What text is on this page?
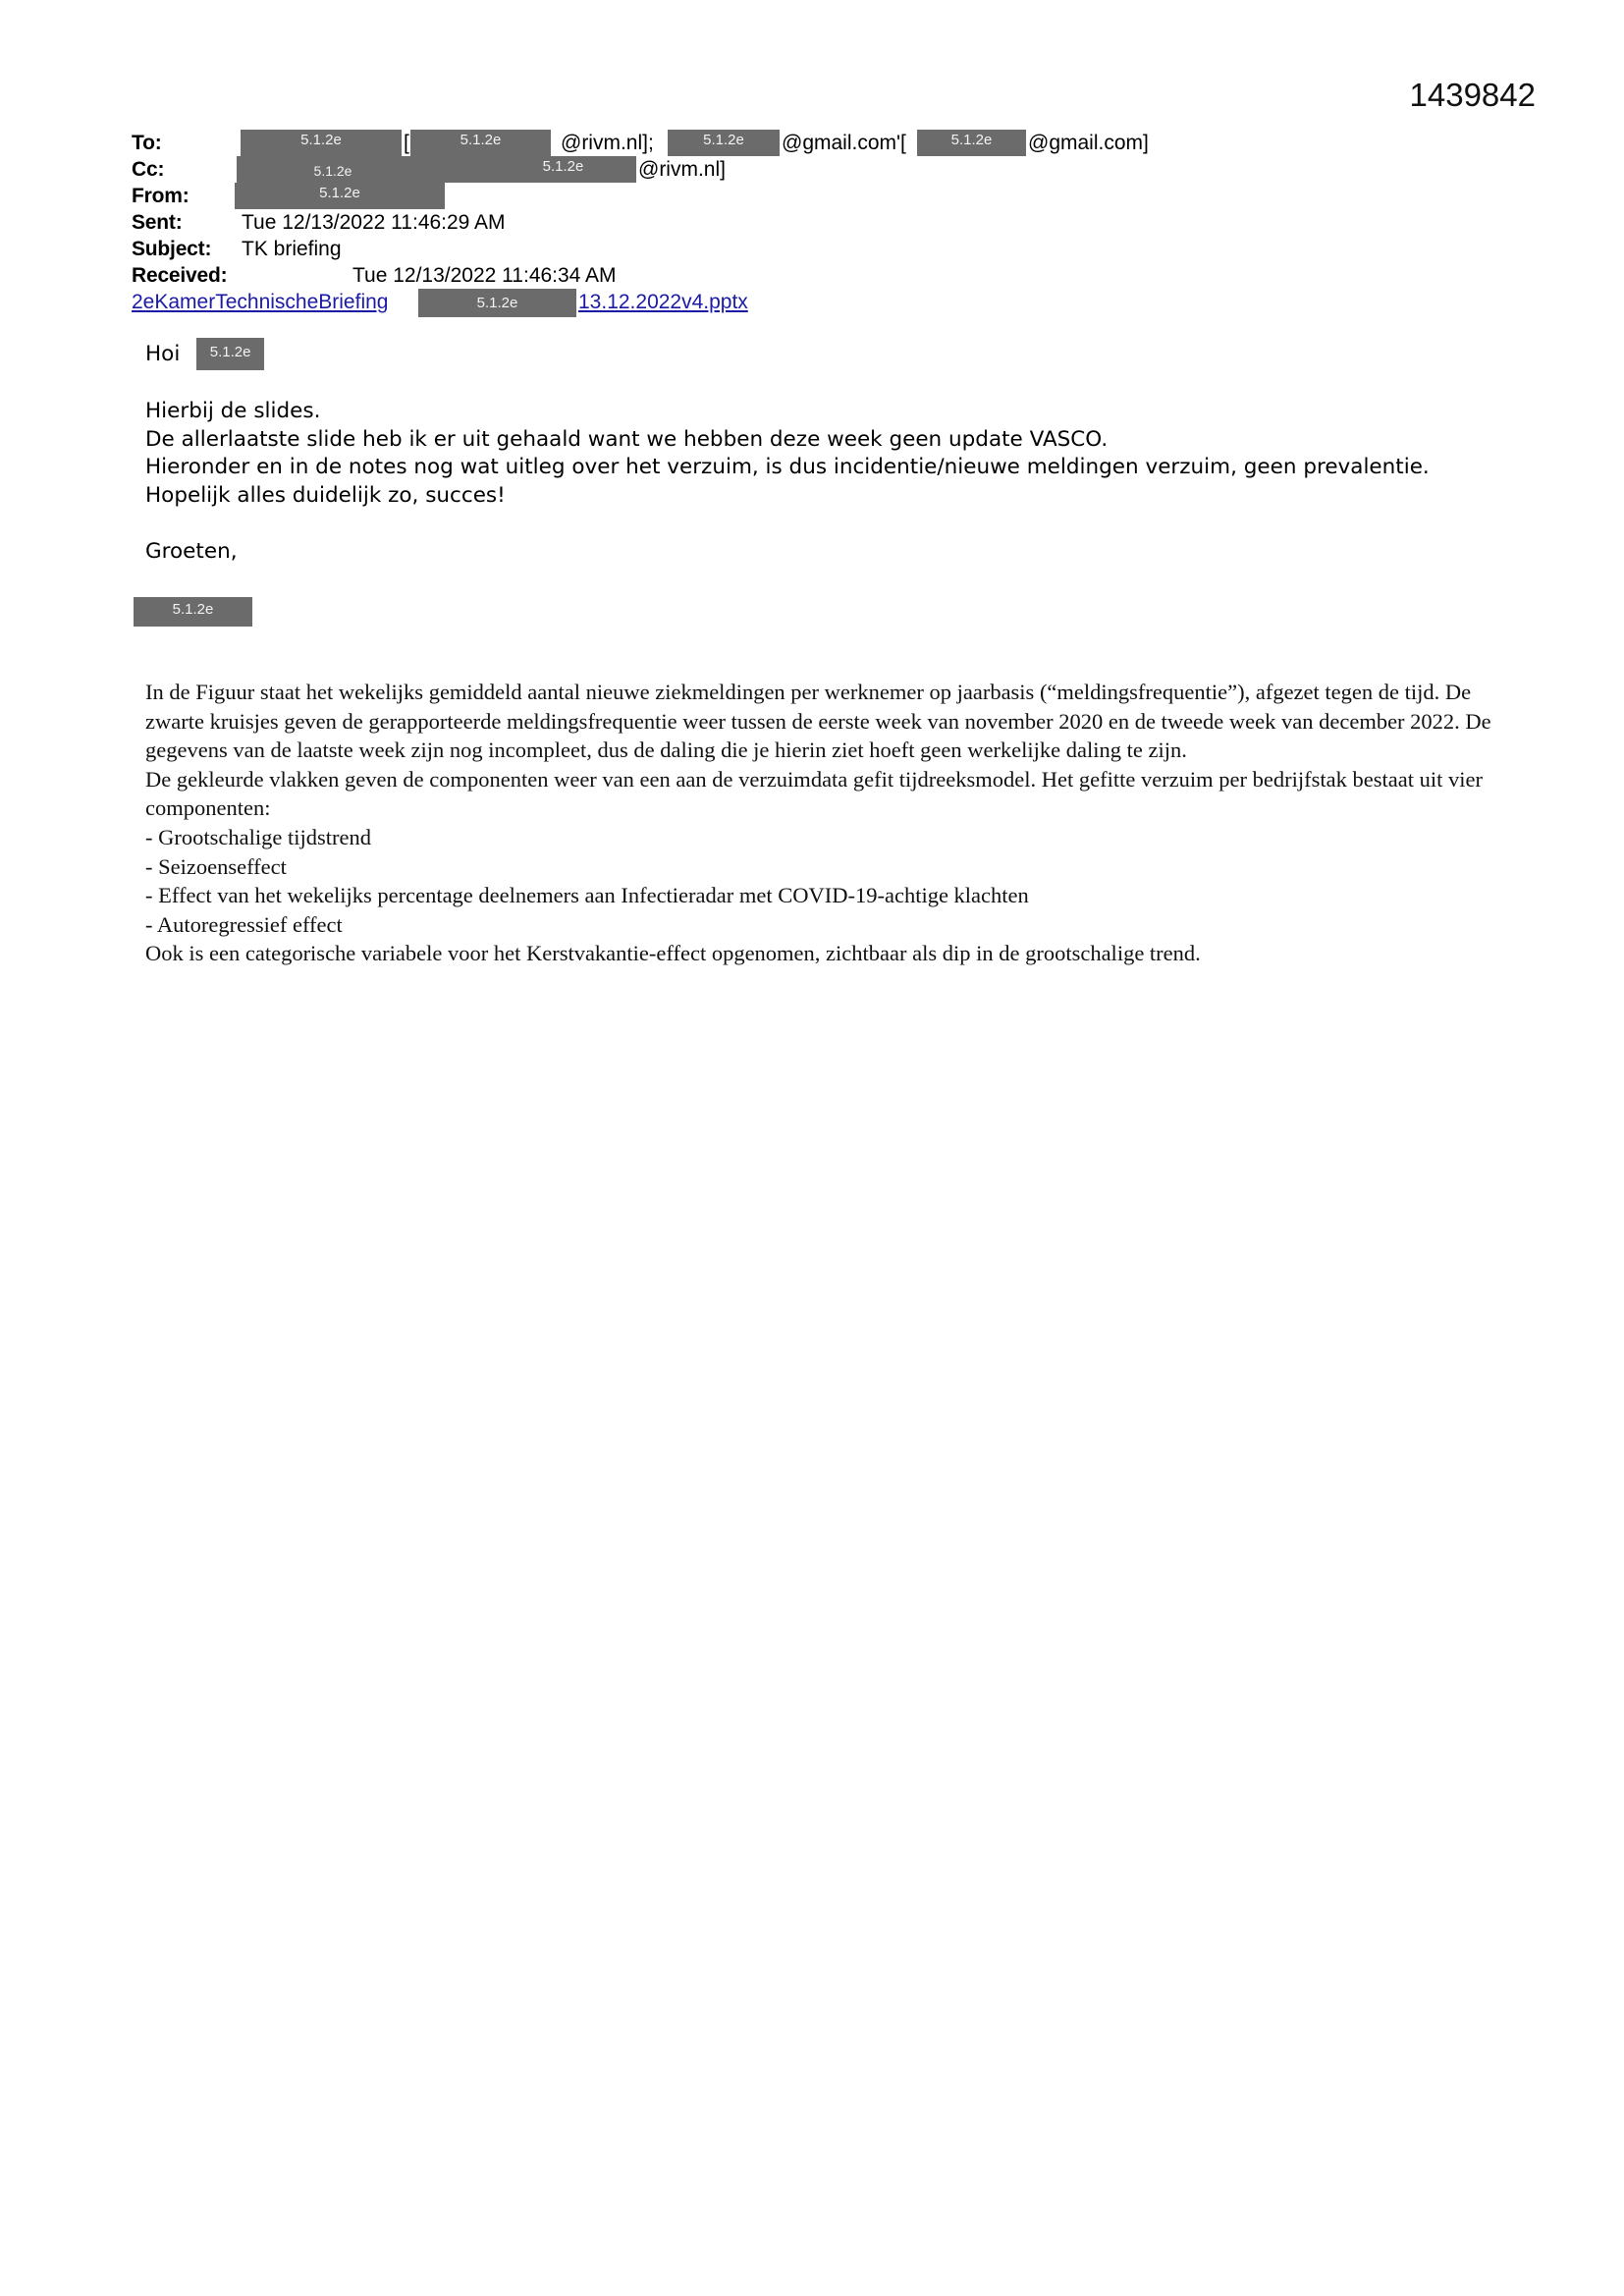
1439842
To:	5.1.2e	[	5.1.2e	@rivm.nl];	5.1.2e	@gmail.com'[	5.1.2e	@gmail.com]
Cc:	5.1.2e	5.1.2e	@rivm.nl]
From:	5.1.2e
Sent:	Tue 12/13/2022 11:46:29 AM
Subject: TK briefing
Received:	Tue 12/13/2022 11:46:34 AM
2eKamerTechnischeBriefing	5.1.2e	13.12.2022v4.pptx
Hoi 5.1.2e

Hierbij de slides.

De allerlaatste slide heb ik er uit gehaald want we hebben deze week geen update VASCO.

Hieronder en in de notes nog wat uitleg over het verzuim, is dus incidentie/nieuwe meldingen verzuim, geen prevalentie.

Hopelijk alles duidelijk zo, succes!

Groeten,

5.1.2e

In de Figuur staat het wekelijks gemiddeld aantal nieuwe ziekmeldingen per werknemer op jaarbasis (“meldingsfrequentie”), afgezet tegen de tijd. De zwarte kruisjes geven de gerapporteerde meldingsfrequentie weer tussen de eerste week van november 2020 en de tweede week van december 2022. De gegevens van de laatste week zijn nog incompleet, dus de daling die je hierin ziet hoeft geen werkelijke daling te zijn.

De gekleurde vlakken geven de componenten weer van een aan de verzuimdata gefit tijdreeksmodel. Het gefitte verzuim per bedrijfstak bestaat uit vier componenten:

- Grootschalige tijdstrend

- Seizoenseffect

- Effect van het wekelijks percentage deelnemers aan Infectieradar met COVID-19-achtige klachten

- Autoregressief effect

Ook is een categorische variabele voor het Kerstvakantie-effect opgenomen, zichtbaar als dip in de grootschalige trend.
